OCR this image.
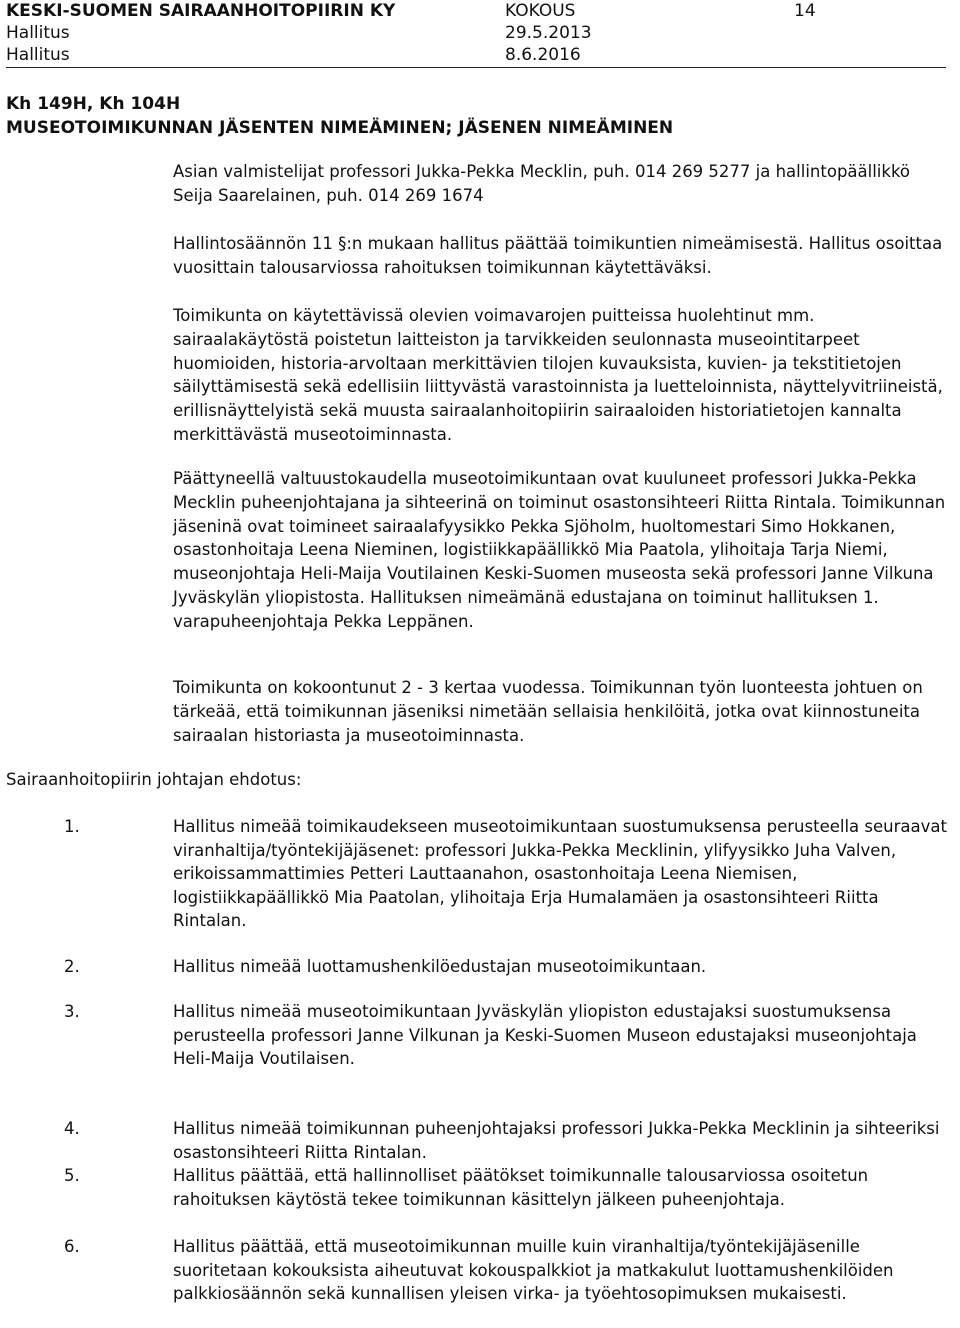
KESKI-SUOMEN SAIRAANHOITOPIIRIN KY	KOKOUS	14
Hallitus	29.5.2013
Hallitus	8.6.2016
Kh 149H, Kh 104H
MUSEOTOIMIKUNNAN JÄSENTEN NIMEÄMINEN; JÄSENEN NIMEÄMINEN

Asian valmistelijat professori Jukka-Pekka Mecklin, puh. 014 269 5277 ja hallintopäällikkö Seija Saarelainen, puh. 014 269 1674

Hallintosäännön 11 §:n mukaan hallitus päättää toimikuntien nimeämisestä. Hallitus osoittaa vuosittain talousarviossa rahoituksen toimikunnan käytettäväksi.

Toimikunta on käytettävissä olevien voimavarojen puitteissa huolehtinut mm. sairaalakäytöstä poistetun laitteiston ja tarvikkeiden seulonnasta museointitarpeet huomioiden, historia-arvoltaan merkittävien tilojen kuvauksista, kuvien- ja tekstitietojen säilyttämisestä sekä edellisiin liittyvästä varastoinnista ja luetteloinnista, näyttelyvitriineistä, erillisnäyttelyistä sekä muusta sairaalanhoitopiirin sairaaloiden historiatietojen kannalta merkittävästä museotoiminnasta.

Päättyneellä valtuustokaudella museotoimikuntaan ovat kuuluneet professori Jukka-Pekka Mecklin puheenjohtajana ja sihteerinä on toiminut osastonsihteeri Riitta Rintala. Toimikunnan jäseninä ovat toimineet sairaalafyysikko Pekka Sjöholm, huoltomestari Simo Hokkanen, osastonhoitaja Leena Nieminen, logistiikkapäällikkö Mia Paatola, ylihoitaja Tarja Niemi, museonjohtaja Heli-Maija Voutilainen Keski-Suomen museosta sekä professori Janne Vilkuna Jyväskylän yliopistosta. Hallituksen nimeämänä edustajana on toiminut hallituksen 1. varapuheenjohtaja Pekka Leppänen.

Toimikunta on kokoontunut 2 - 3 kertaa vuodessa. Toimikunnan työn luonteesta johtuen on tärkeää, että toimikunnan jäseniksi nimetään sellaisia henkilöitä, jotka ovat kiinnostuneita sairaalan historiasta ja museotoiminnasta.

Sairaanhoitopiirin johtajan ehdotus:

1.	Hallitus nimeää toimikaudekseen museotoimikuntaan suostumuksensa perusteella seuraavat viranhaltija/työntekijäjäsenet: professori Jukka-Pekka Mecklinin, ylifyysikko Juha Valven, erikoissammattimies Petteri Lauttaanahon, osastonhoitaja Leena Niemisen, logistiikkapäällikkö Mia Paatolan, ylihoitaja Erja Humalamäen ja osastonsihteeri Riitta Rintalan.

2.	Hallitus nimeää luottamushenkilöedustajan museotoimikuntaan.

3.	Hallitus nimeää museotoimikuntaan Jyväskylän yliopiston edustajaksi suostumuksensa perusteella professori Janne Vilkunan ja Keski-Suomen Museon edustajaksi museonjohtaja Heli-Maija Voutilaisen.

4.	Hallitus nimeää toimikunnan puheenjohtajaksi professori Jukka-Pekka Mecklinin ja sihteeriksi osastonsihteeri Riitta Rintalan.

5.	Hallitus päättää, että hallinnolliset päätökset toimikunnalle talousarviossa osoitetun rahoituksen käytöstä tekee toimikunnan käsittelyn jälkeen puheenjohtaja.

6.	Hallitus päättää, että museotoimikunnan muille kuin viranhaltija/työntekijäjäsenille suoritetaan kokouksista aiheutuvat kokouspalkkiot ja matkakulut luottamushenkilöiden palkkiosäännön sekä kunnallisen yleisen virka- ja työehtosopimuksen mukaisesti.
